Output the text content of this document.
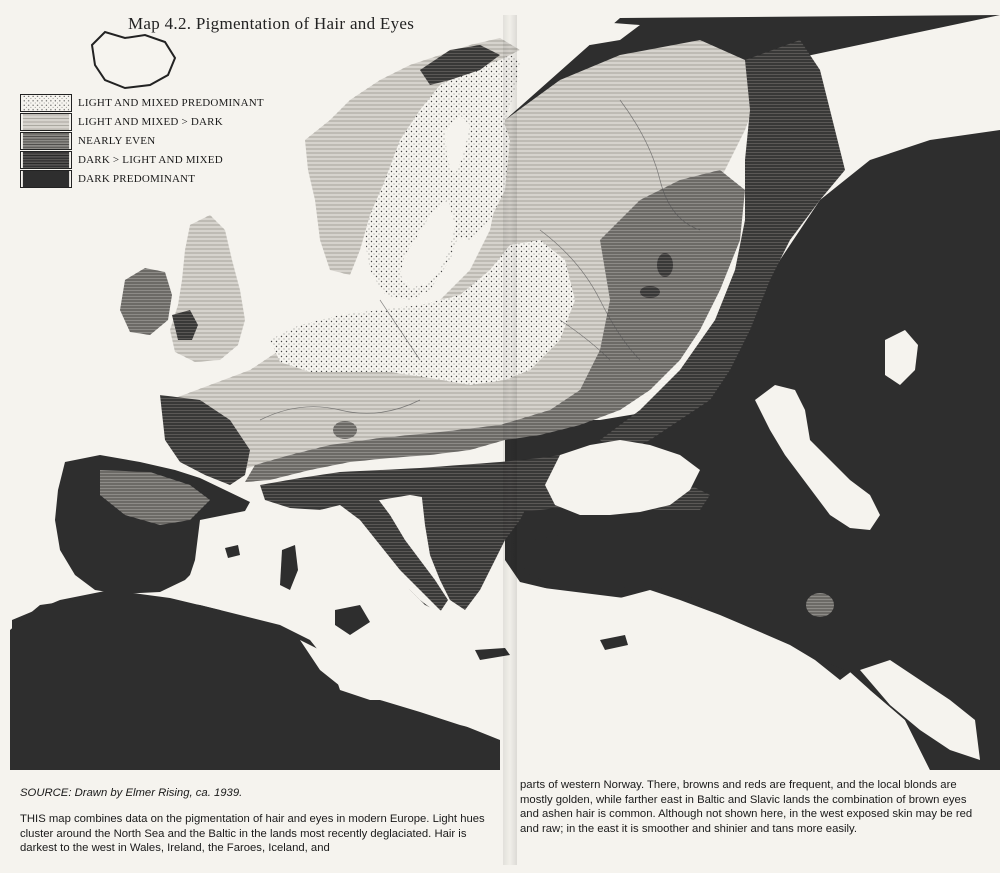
Map 4.2. Pigmentation of Hair and Eyes
LIGHT AND MIXED PREDOMINANT
LIGHT AND MIXED > DARK
NEARLY EVEN
DARK > LIGHT AND MIXED
DARK PREDOMINANT
SOURCE: Drawn by Elmer Rising, ca. 1939.
THIS map combines data on the pigmentation of hair and eyes in modern Europe. Light hues cluster around the North Sea and the Baltic in the lands most recently deglaciated. Hair is darkest to the west in Wales, Ireland, the Faroes, Iceland, and
parts of western Norway. There, browns and reds are frequent, and the local blonds are mostly golden, while farther east in Baltic and Slavic lands the combination of brown eyes and ashen hair is common. Although not shown here, in the west exposed skin may be red and raw; in the east it is smoother and shinier and tans more easily.
